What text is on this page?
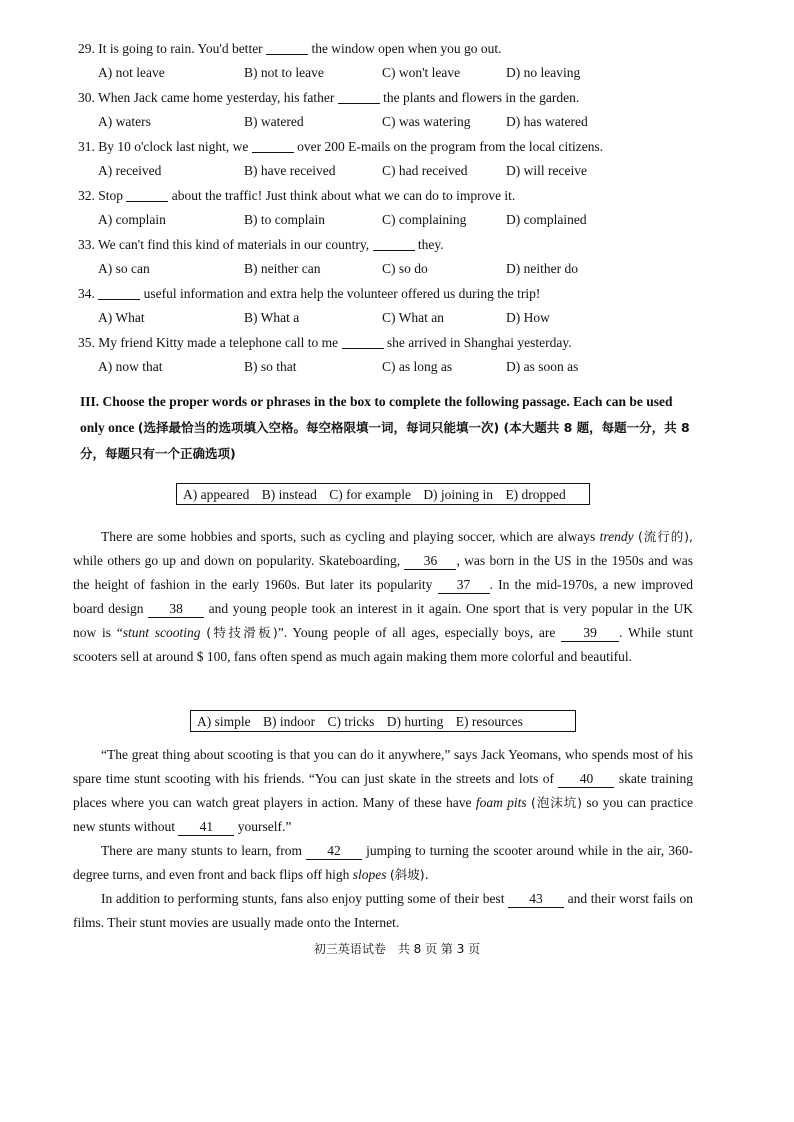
29. It is going to rain. You'd better	the window open when you go out.
A) not leave	B) not to leave	C) won't leave	D) no leaving
30. When Jack came home yesterday, his father	the plants and flowers in the garden.
A) waters	B) watered	C) was watering	D) has watered
31. By 10 o'clock last night, we	over 200 E-mails on the program from the local citizens.
A) received	B) have received	C) had received	D) will receive
32. Stop	about the traffic! Just think about what we can do to improve it.
A) complain	B) to complain	C) complaining	D) complained
33. We can't find this kind of materials in our country,	they.
A) so can	B) neither can	C) so do	D) neither do
34.	useful information and extra help the volunteer offered us during the trip!
A) What	B) What a	C) What an	D) How
35. My friend Kitty made a telephone call to me	she arrived in Shanghai yesterday.
A) now that	B) so that	C) as long as	D) as soon as
III. Choose the proper words or phrases in the box to complete the following passage. Each can be used only once (选择最恰当的选项填入空格。每空格限填一词，每词只能填一次) (本大题共 8 题，每题一分，共 8 分，每题只有一个正确选项)
A) appeared B) instead C) for example D) joining in E) dropped
There are some hobbies and sports, such as cycling and playing soccer, which are always trendy (流行的), while others go up and down on popularity. Skateboarding, 36 , was born in the US in the 1950s and was the height of fashion in the early 1960s. But later its popularity 37 . In the mid-1970s, a new improved board design 38 and young people took an interest in it again. One sport that is very popular in the UK now is “stunt scooting (特技滑板)”. Young people of all ages, especially boys, are 39 . While stunt scooters sell at around $ 100, fans often spend as much again making them more colorful and beautiful.
A) simple B) indoor C) tricks D) hurting E) resources
“The great thing about scooting is that you can do it anywhere,” says Jack Yeomans, who spends most of his spare time stunt scooting with his friends. “You can just skate in the streets and lots of 40 skate training places where you can watch great players in action. Many of these have foam pits (泡沫坑) so you can practice new stunts without 41 yourself.”
There are many stunts to learn, from 42 jumping to turning the scooter around while in the air, 360-degree turns, and even front and back flips off high slopes (斜坡).
In addition to performing stunts, fans also enjoy putting some of their best 43 and their worst fails on films. Their stunt movies are usually made onto the Internet.
初三英语试卷　共 8 页 第 3 页
